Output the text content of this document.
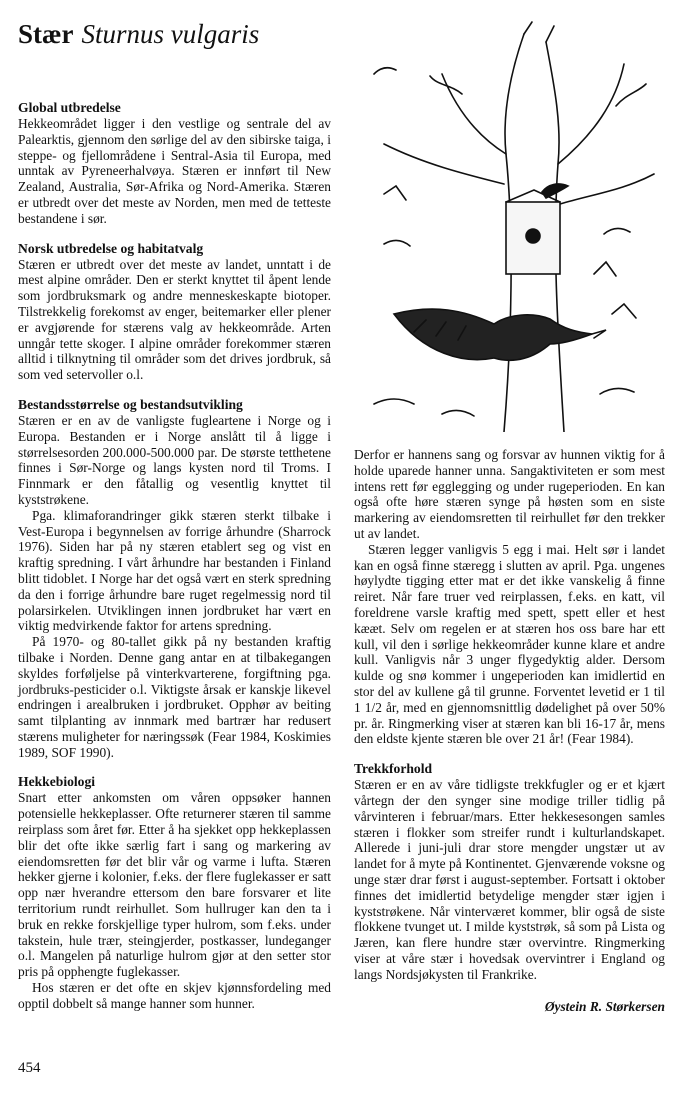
Stær Sturnus vulgaris
Global utbredelse

Hekkeområdet ligger i den vestlige og sentrale del av Palearktis, gjennom den sørlige del av den sibirske taiga, i steppe- og fjellområdene i Sentral-Asia til Europa, med unntak av Pyreneerhalvøya. Stæren er innført til New Zealand, Australia, Sør-Afrika og Nord-Amerika. Stæren er utbredt over det meste av Norden, men med de tetteste bestandene i sør.

Norsk utbredelse og habitatvalg

Stæren er utbredt over det meste av landet, unntatt i de mest alpine områder. Den er sterkt knyttet til åpent lende som jordbruksmark og andre menneskeskapte biotoper. Tilstrekkelig forekomst av enger, beitemarker eller plener er avgjørende for stærens valg av hekkeområde. Arten unngår tette skoger. I alpine områder forekommer stæren alltid i tilknytning til områder som det drives jordbruk, så som ved setervoller o.l.

Bestandsstørrelse og bestandsutvikling

Stæren er en av de vanligste fugleartene i Norge og i Europa. Bestanden er i Norge anslått til å ligge i størrelsesorden 200.000-500.000 par. De største tetthetene finnes i Sør-Norge og langs kysten nord til Troms. I Finnmark er den fåtallig og vesentlig knyttet til kyststrøkene.

Pga. klimaforandringer gikk stæren sterkt tilbake i Vest-Europa i begynnelsen av forrige århundre (Sharrock 1976). Siden har på ny stæren etablert seg og vist en kraftig spredning. I vårt århundre har bestanden i Finland blitt tidoblet. I Norge har det også vært en sterk spredning da den i forrige århundre bare ruget regelmessig nord til polarsirkelen. Utviklingen innen jordbruket har vært en viktig medvirkende faktor for artens spredning.

På 1970- og 80-tallet gikk på ny bestanden kraftig tilbake i Norden. Denne gang antar en at tilbakegangen skyldes forføljelse på vinterkvarterene, forgiftning pga. jordbruks-pesticider o.l. Viktigste årsak er kanskje likevel endringen i arealbruken i jordbruket. Opphør av beiting samt tilplanting av innmark med bartrær har redusert stærens muligheter for næringssøk (Fear 1984, Koskimies 1989, SOF 1990).

Hekkebiologi

Snart etter ankomsten om våren oppsøker hannen potensielle hekkeplasser. Ofte returnerer stæren til samme reirplass som året før. Etter å ha sjekket opp hekkeplassen blir det ofte ikke særlig fart i sang og markering av eiendomsretten før det blir vår og varme i lufta. Stæren hekker gjerne i kolonier, f.eks. der flere fuglekasser er satt opp nær hverandre ettersom den bare forsvarer et lite territorium rundt reirhullet. Som hullruger kan den ta i bruk en rekke forskjellige typer hulrom, som f.eks. under takstein, hule trær, steingjerder, postkasser, lundeganger o.l. Mangelen på naturlige hulrom gjør at den setter stor pris på opphengte fuglekasser.

Hos stæren er det ofte en skjev kjønnsfordeling med opptil dobbelt så mange hanner som hunner.

Derfor er hannens sang og forsvar av hunnen viktig for å holde uparede hanner unna. Sangaktiviteten er som mest intens rett før egglegging og under rugeperioden. En kan også ofte høre stæren synge på høsten som en siste markering av eiendomsretten til reirhullet før den trekker ut av landet.

Stæren legger vanligvis 5 egg i mai. Helt sør i landet kan en også finne stæregg i slutten av april. Pga. ungenes høylydte tigging etter mat er det ikke vanskelig å finne reiret. Når fare truer ved reirplassen, f.eks. en katt, vil foreldrene varsle kraftig med spett, spett eller et hest kææt. Selv om regelen er at stæren hos oss bare har ett kull, vil den i sørlige hekkeområder kunne klare et andre kull. Vanligvis når 3 unger flygedyktig alder. Dersom kulde og snø kommer i ungeperioden kan imidlertid en stor del av kullene gå til grunne. Forventet levetid er 1 til 1 1/2 år, med en gjennomsnittlig dødelighet på over 50% pr. år. Ringmerking viser at stæren kan bli 16-17 år, mens den eldste kjente stæren ble over 21 år! (Fear 1984).

Trekkforhold

Stæren er en av våre tidligste trekkfugler og er et kjært vårtegn der den synger sine modige triller tidlig på vårvinteren i februar/mars. Etter hekkesesongen samles stæren i flokker som streifer rundt i kulturlandskapet. Allerede i juni-juli drar store mengder ungstær ut av landet for å myte på Kontinentet. Gjenværende voksne og unge stær drar først i august-september. Fortsatt i oktober finnes det imidlertid betydelige mengder stær igjen i kyststrøkene. Når vinterværet kommer, blir også de siste flokkene tvunget ut. I milde kyststrøk, så som på Lista og Jæren, kan flere hundre stær overvintre. Ringmerking viser at våre stær i hovedsak overvintrer i England og langs Nordsjøkysten til Frankrike.

Øystein R. Størkersen
454
